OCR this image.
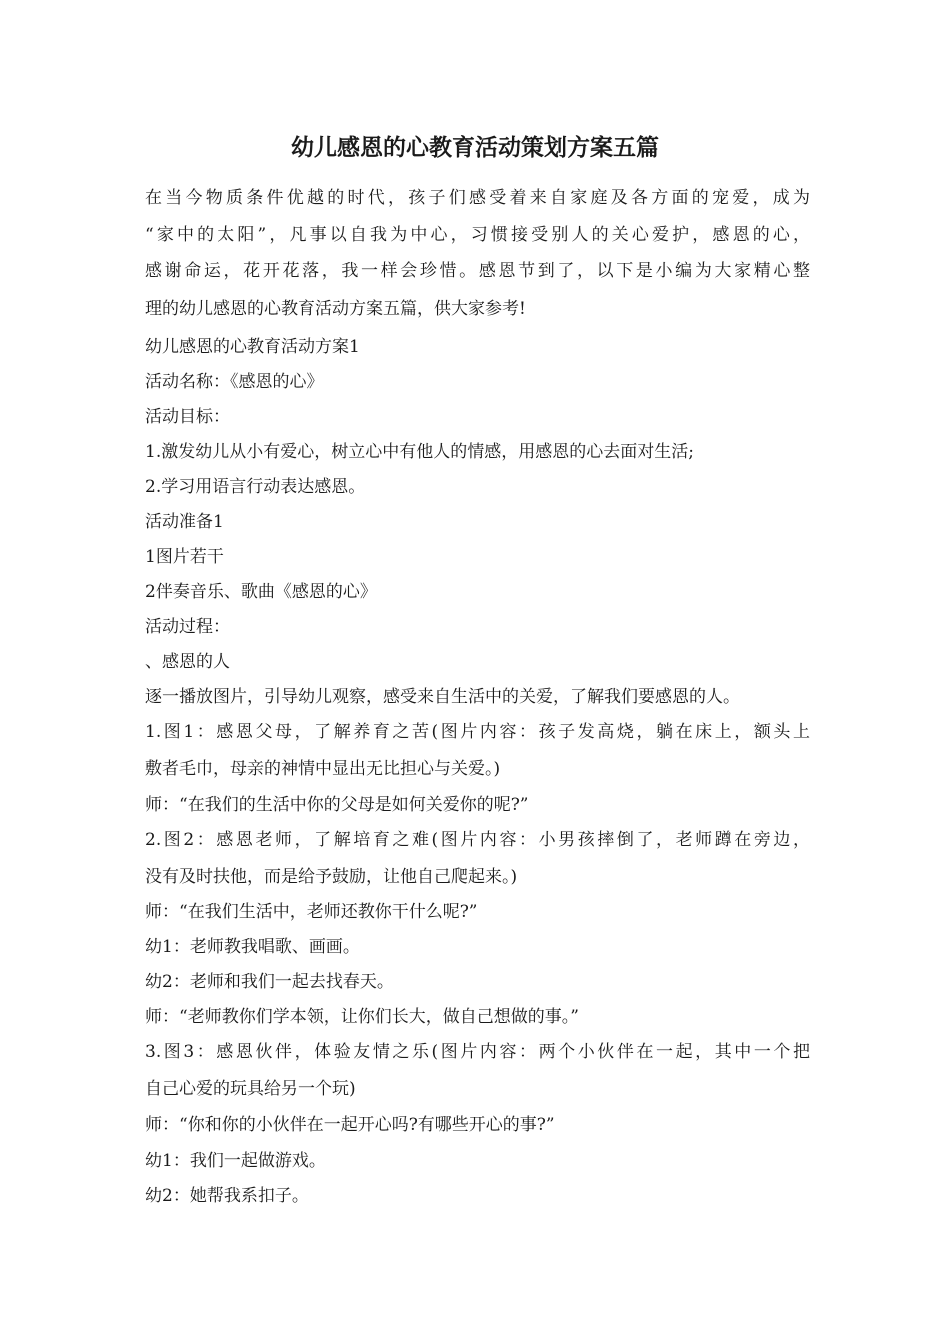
幼儿感恩的心教育活动策划方案五篇
在当今物质条件优越的时代，孩子们感受着来自家庭及各方面的宠爱，成为
“家中的太阳”，凡事以自我为中心，习惯接受别人的关心爱护，感恩的心，
感谢命运，花开花落，我一样会珍惜。感恩节到了，以下是小编为大家精心整
理的幼儿感恩的心教育活动方案五篇，供大家参考!
幼儿感恩的心教育活动方案1
活动名称：《感恩的心》
活动目标：
1.激发幼儿从小有爱心，树立心中有他人的情感，用感恩的心去面对生活;
2.学习用语言行动表达感恩。
活动准备1
1图片若干
2伴奏音乐、歌曲《感恩的心》
活动过程：
、感恩的人
逐一播放图片，引导幼儿观察，感受来自生活中的关爱，了解我们要感恩的人。
1.图1：感恩父母，了解养育之苦(图片内容：孩子发高烧，躺在床上，额头上
敷者毛巾，母亲的神情中显出无比担心与关爱。)
师：“在我们的生活中你的父母是如何关爱你的呢?”
2.图2：感恩老师，了解培育之难(图片内容：小男孩摔倒了，老师蹲在旁边，
没有及时扶他，而是给予鼓励，让他自己爬起来。)
师：“在我们生活中，老师还教你干什么呢?”
幼1：老师教我唱歌、画画。
幼2：老师和我们一起去找春天。
师：“老师教你们学本领，让你们长大，做自己想做的事。”
3.图3：感恩伙伴，体验友情之乐(图片内容：两个小伙伴在一起，其中一个把
自己心爱的玩具给另一个玩)
师：“你和你的小伙伴在一起开心吗?有哪些开心的事?”
幼1：我们一起做游戏。
幼2：她帮我系扣子。
